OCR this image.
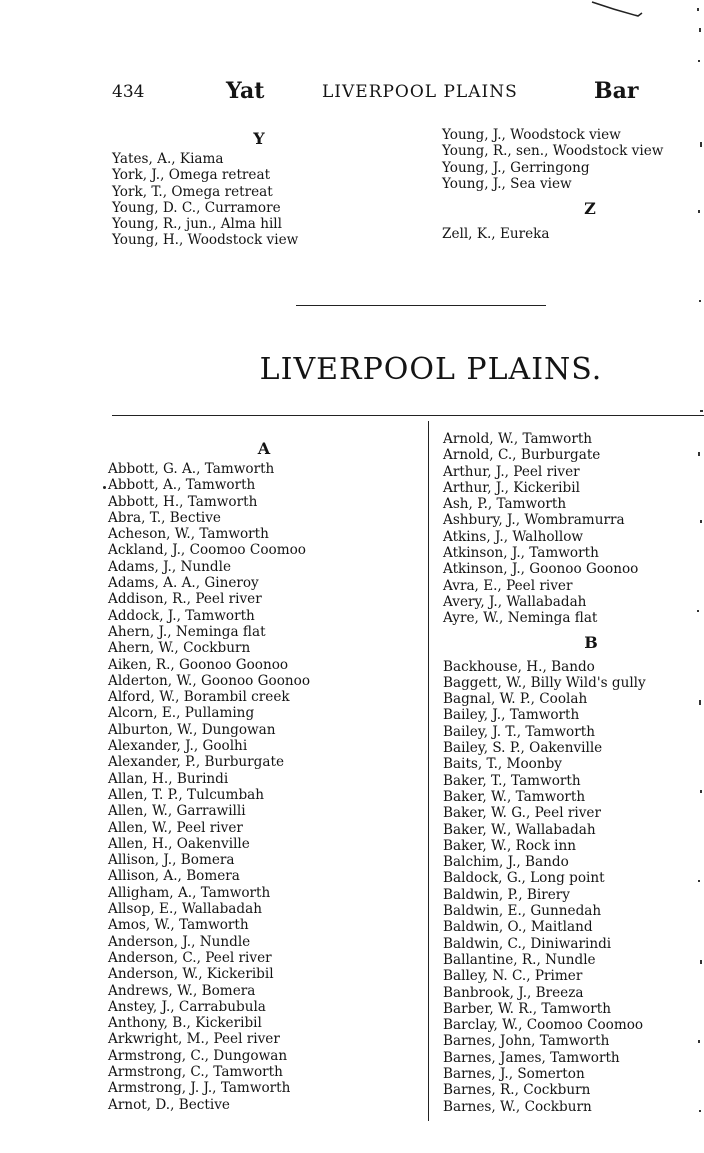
434	Yat	LIVERPOOL PLAINS	Bar
Y
Yates, A., Kiama
York, J., Omega retreat
York, T., Omega retreat
Young, D. C., Curramore
Young, R., jun., Alma hill
Young, H., Woodstock view
Young, J., Woodstock view
Young, R., sen., Woodstock view
Young, J., Gerringong
Young, J., Sea view
Z
Zell, K., Eureka
LIVERPOOL PLAINS.
A
Abbott, G. A., Tamworth
Abbott, A., Tamworth
Abbott, H., Tamworth
Abra, T., Bective
Acheson, W., Tamworth
Ackland, J., Coomoo Coomoo
Adams, J., Nundle
Adams, A. A., Gineroy
Addison, R., Peel river
Addock, J., Tamworth
Ahern, J., Neminga flat
Ahern, W., Cockburn
Aiken, R., Goonoo Goonoo
Alderton, W., Goonoo Goonoo
Alford, W., Borambil creek
Alcorn, E., Pullaming
Alburton, W., Dungowan
Alexander, J., Goolhi
Alexander, P., Burburgate
Allan, H., Burindi
Allen, T. P., Tulcumbah
Allen, W., Garrawilli
Allen, W., Peel river
Allen, H., Oakenville
Allison, J., Bomera
Allison, A., Bomera
Alligham, A., Tamworth
Allsop, E., Wallabadah
Amos, W., Tamworth
Anderson, J., Nundle
Anderson, C., Peel river
Anderson, W., Kickeribil
Andrews, W., Bomera
Anstey, J., Carrabubula
Anthony, B., Kickeribil
Arkwright, M., Peel river
Armstrong, C., Dungowan
Armstrong, C., Tamworth
Armstrong, J. J., Tamworth
Arnot, D., Bective
Arnold, W., Tamworth
Arnold, C., Burburgate
Arthur, J., Peel river
Arthur, J., Kickeribil
Ash, P., Tamworth
Ashbury, J., Wombramurra
Atkins, J., Walhollow
Atkinson, J., Tamworth
Atkinson, J., Goonoo Goonoo
Avra, E., Peel river
Avery, J., Wallabadah
Ayre, W., Neminga flat
B
Backhouse, H., Bando
Baggett, W., Billy Wild's gully
Bagnal, W. P., Coolah
Bailey, J., Tamworth
Bailey, J. T., Tamworth
Bailey, S. P., Oakenville
Baits, T., Moonby
Baker, T., Tamworth
Baker, W., Tamworth
Baker, W. G., Peel river
Baker, W., Wallabadah
Baker, W., Rock inn
Balchim, J., Bando
Baldock, G., Long point
Baldwin, P., Birery
Baldwin, E., Gunnedah
Baldwin, O., Maitland
Baldwin, C., Diniwarindi
Ballantine, R., Nundle
Balley, N. C., Primer
Banbrook, J., Breeza
Barber, W. R., Tamworth
Barclay, W., Coomoo Coomoo
Barnes, John, Tamworth
Barnes, James, Tamworth
Barnes, J., Somerton
Barnes, R., Cockburn
Barnes, W., Cockburn
